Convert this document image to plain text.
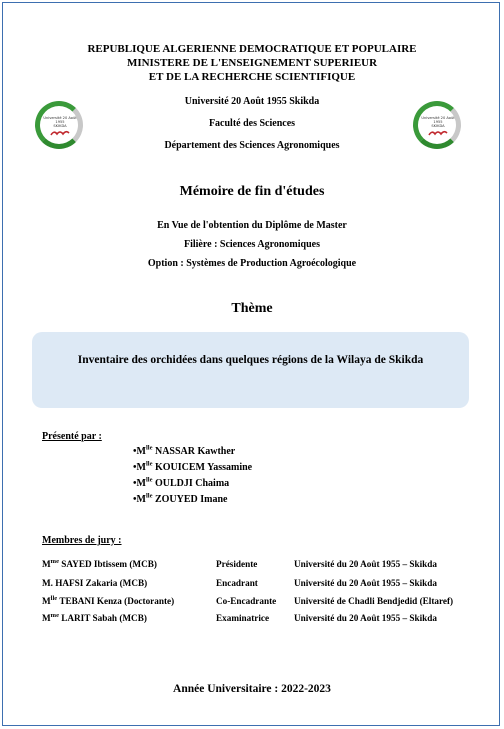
REPUBLIQUE ALGERIENNE DEMOCRATIQUE ET POPULAIRE
MINISTERE DE L'ENSEIGNEMENT SUPERIEUR
ET DE LA RECHERCHE SCIENTIFIQUE
Université 20 Août 1955
SKIKDA
Université 20 Août 1955
SKIKDA
Université 20 Août 1955 Skikda
Faculté des Sciences
Département des Sciences Agronomiques
Mémoire de fin d'études
En Vue de l'obtention du Diplôme de Master
Filière : Sciences Agronomiques
Option : Systèmes de Production Agroécologique
Thème
Inventaire des orchidées dans quelques régions de la Wilaya de Skikda
Présenté par :
$•M^{lle}$ NASSAR Kawther
$•M^{lle}$ KOUICEM Yassamine
$•M^{lle}$ OULDJI Chaima
$•M^{lle}$ ZOUYED Imane
Membres de jury :
$M^{me}$ SAYED Ibtissem (MCB)	Présidente	Université du 20 Août 1955 – Skikda
M. HAFSI Zakaria (MCB)	Encadrant	Université du 20 Août 1955 – Skikda
$M^{lle}$ TEBANI Kenza (Doctorante)	Co-Encadrante Université de Chadli Bendjedid (Eltaref)
$M^{me}$ LARIT Sabah (MCB)	Examinatrice	Université du 20 Août 1955 – Skikda
Année Universitaire : 2022-2023
